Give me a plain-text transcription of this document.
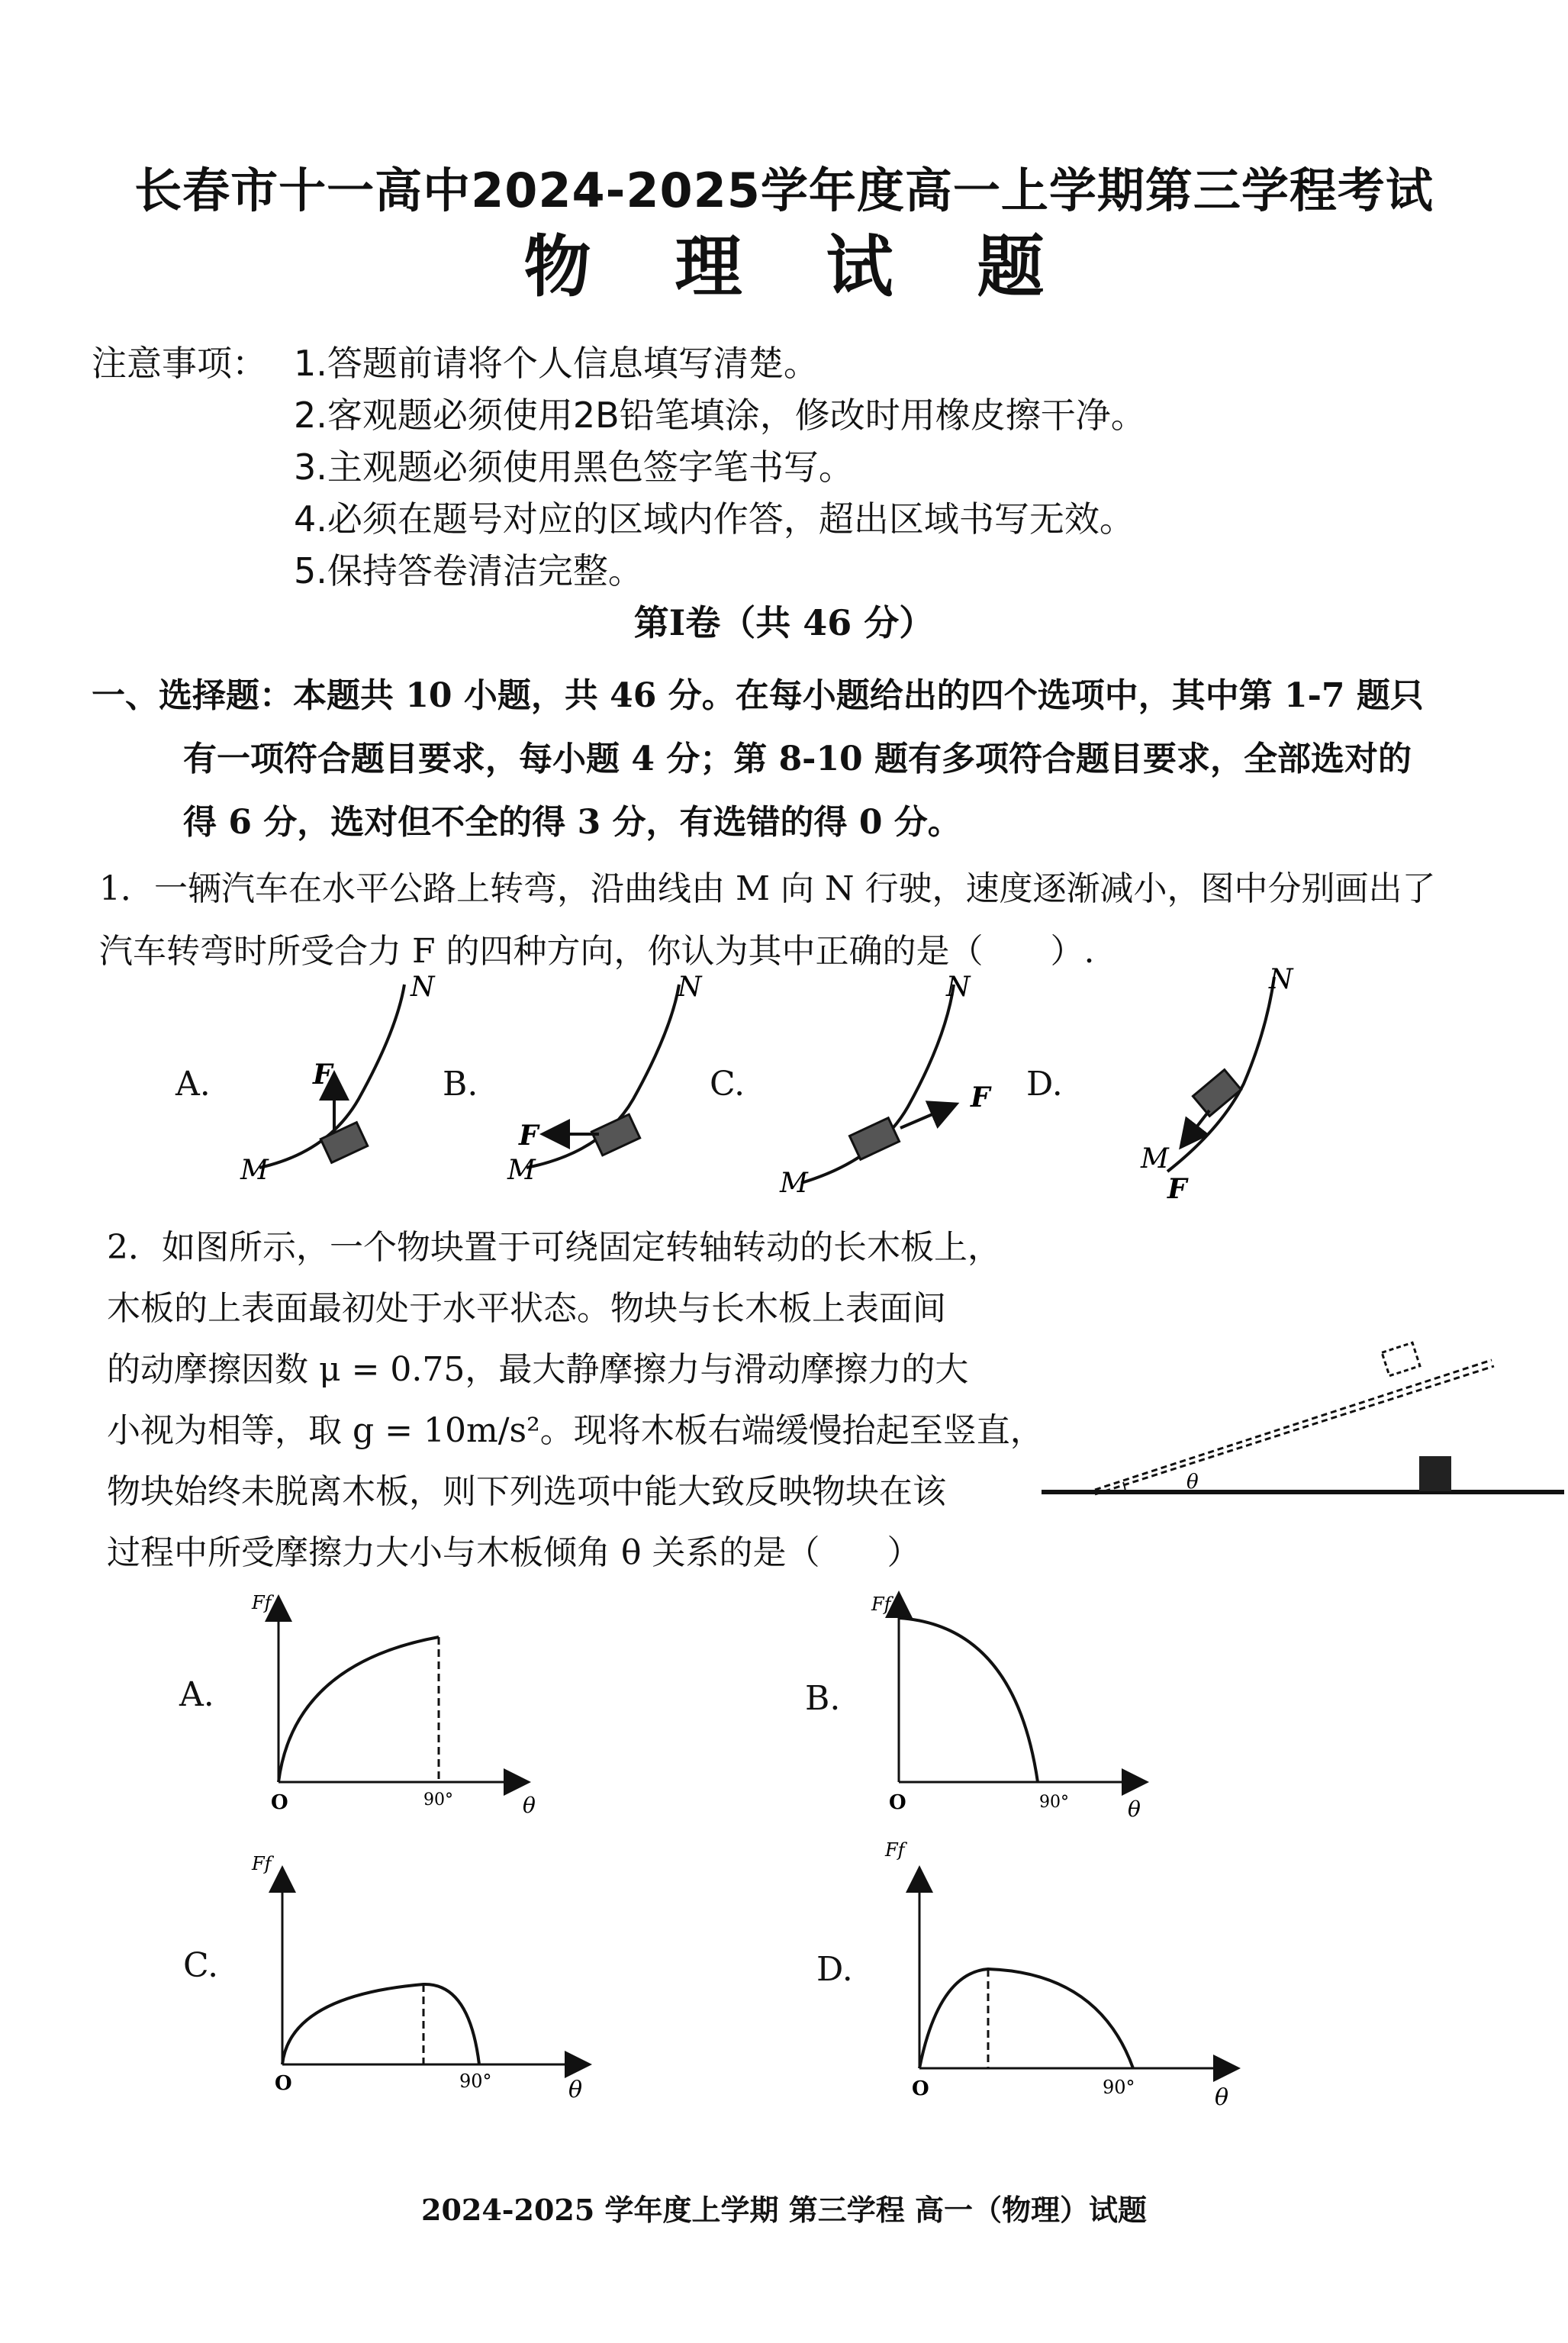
长春市十一高中2024-2025学年度高一上学期第三学程考试
物理试题
注意事项： 1.答题前请将个人信息填写清楚。
2.客观题必须使用2B铅笔填涂，修改时用橡皮擦干净。
3.主观题必须使用黑色签字笔书写。
4.必须在题号对应的区域内作答，超出区域书写无效。
5.保持答卷清洁完整。
第Ⅰ卷（共 46 分）
一、选择题：本题共 10 小题，共 46 分。在每小题给出的四个选项中，其中第 1-7 题只
有一项符合题目要求，每小题 4 分；第 8-10 题有多项符合题目要求，全部选对的
得 6 分，选对但不全的得 3 分，有选错的得 0 分。
1．一辆汽车在水平公路上转弯，沿曲线由 M 向 N 行驶，速度逐渐减小，图中分别画出了
汽车转弯时所受合力 F 的四种方向，你认为其中正确的是（　　）.
A.	B.	C.	D.
F
M
N
F
M
N
F
M
N
M
F
N
2．如图所示，一个物块置于可绕固定转轴转动的长木板上，
木板的上表面最初处于水平状态。物块与长木板上表面间
的动摩擦因数 μ = 0.75，最大静摩擦力与滑动摩擦力的大
小视为相等，取 g = 10m/s²。现将木板右端缓慢抬起至竖直，
物块始终未脱离木板，则下列选项中能大致反映物块在该
过程中所受摩擦力大小与木板倾角 θ 关系的是（　　）
θ
A.	B.
C.	D.
Ff
O	90°	θ
Ff
O	90°	θ
Ff
O	90°	θ
Ff
O	90°	θ
2024-2025 学年度上学期 第三学程 高一（物理）试题
